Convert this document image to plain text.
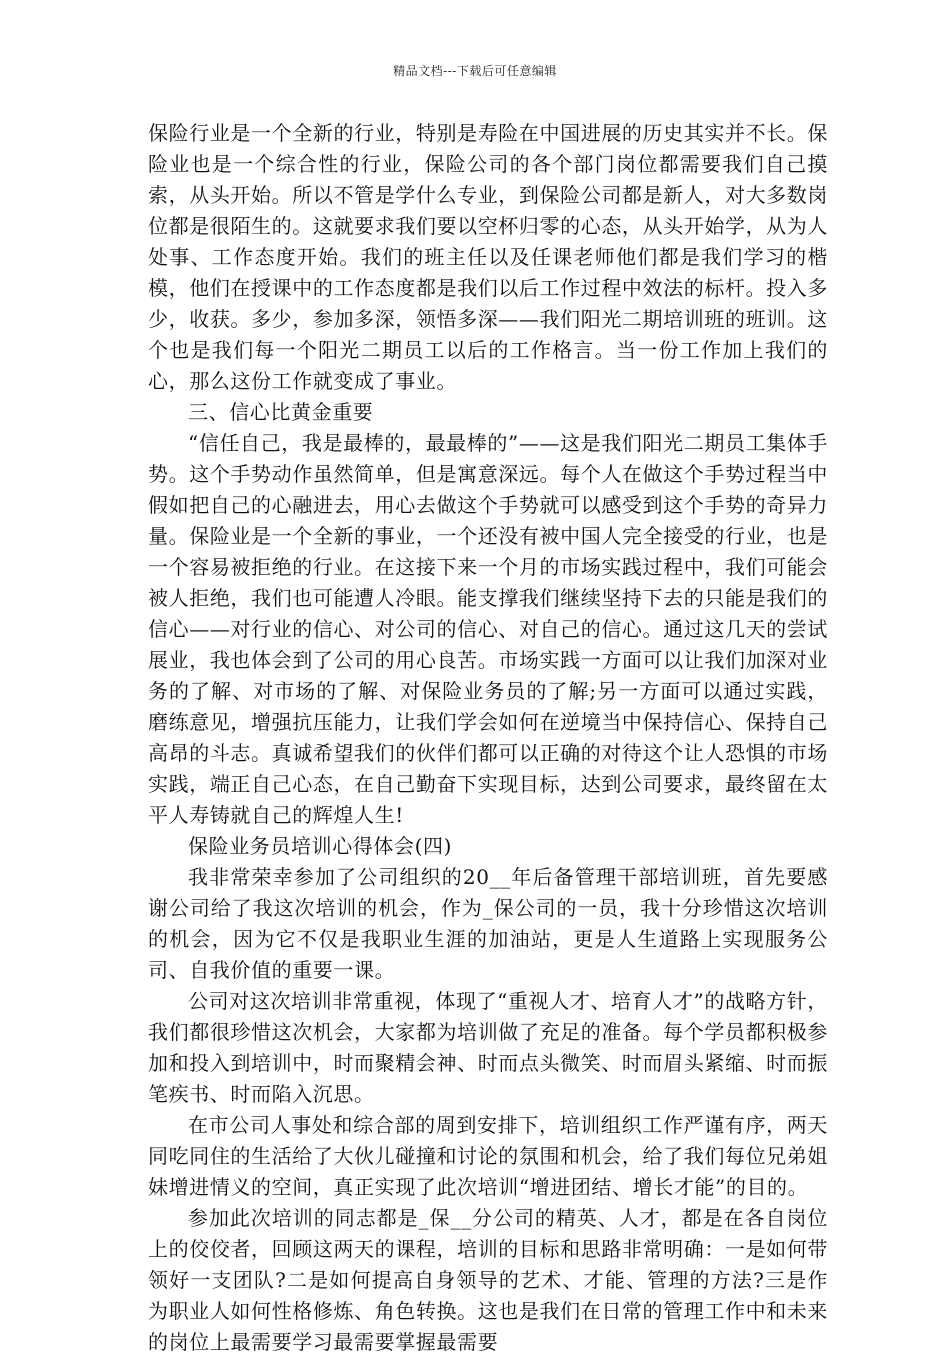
精品文档---下载后可任意编辑

保险行业是一个全新的行业，特别是寿险在中国进展的历史其实并不长。保险业也是一个综合性的行业，保险公司的各个部门岗位都需要我们自己摸索，从头开始。所以不管是学什么专业，到保险公司都是新人，对大多数岗位都是很陌生的。这就要求我们要以空杯归零的心态，从头开始学，从为人处事、工作态度开始。我们的班主任以及任课老师他们都是我们学习的楷模，他们在授课中的工作态度都是我们以后工作过程中效法的标杆。投入多少，收获。多少，参加多深，领悟多深——我们阳光二期培训班的班训。这个也是我们每一个阳光二期员工以后的工作格言。当一份工作加上我们的心，那么这份工作就变成了事业。

三、信心比黄金重要

“信任自己，我是最棒的，最最棒的”——这是我们阳光二期员工集体手势。这个手势动作虽然简单，但是寓意深远。每个人在做这个手势过程当中假如把自己的心融进去，用心去做这个手势就可以感受到这个手势的奇异力量。保险业是一个全新的事业，一个还没有被中国人完全接受的行业，也是一个容易被拒绝的行业。在这接下来一个月的市场实践过程中，我们可能会被人拒绝，我们也可能遭人冷眼。能支撑我们继续坚持下去的只能是我们的信心——对行业的信心、对公司的信心、对自己的信心。通过这几天的尝试展业，我也体会到了公司的用心良苦。市场实践一方面可以让我们加深对业务的了解、对市场的了解、对保险业务员的了解;另一方面可以通过实践，磨练意见，增强抗压能力，让我们学会如何在逆境当中保持信心、保持自己高昂的斗志。真诚希望我们的伙伴们都可以正确的对待这个让人恐惧的市场实践，端正自己心态，在自己勤奋下实现目标，达到公司要求，最终留在太平人寿铸就自己的辉煌人生!

保险业务员培训心得体会(四)

我非常荣幸参加了公司组织的20__年后备管理干部培训班，首先要感谢公司给了我这次培训的机会，作为_保公司的一员，我十分珍惜这次培训的机会，因为它不仅是我职业生涯的加油站，更是人生道路上实现服务公司、自我价值的重要一课。

公司对这次培训非常重视，体现了“重视人才、培育人才”的战略方针，我们都很珍惜这次机会，大家都为培训做了充足的准备。每个学员都积极参加和投入到培训中，时而聚精会神、时而点头微笑、时而眉头紧缩、时而振笔疾书、时而陷入沉思。

在市公司人事处和综合部的周到安排下，培训组织工作严谨有序，两天同吃同住的生活给了大伙儿碰撞和讨论的氛围和机会，给了我们每位兄弟姐妹增进情义的空间，真正实现了此次培训“增进团结、增长才能”的目的。

参加此次培训的同志都是_保__分公司的精英、人才，都是在各自岗位上的佼佼者，回顾这两天的课程，培训的目标和思路非常明确：一是如何带领好一支团队?二是如何提高自身领导的艺术、才能、管理的方法?三是作为职业人如何性格修炼、角色转换。这也是我们在日常的管理工作中和未来的岗位上最需要学习最需要掌握最需要
